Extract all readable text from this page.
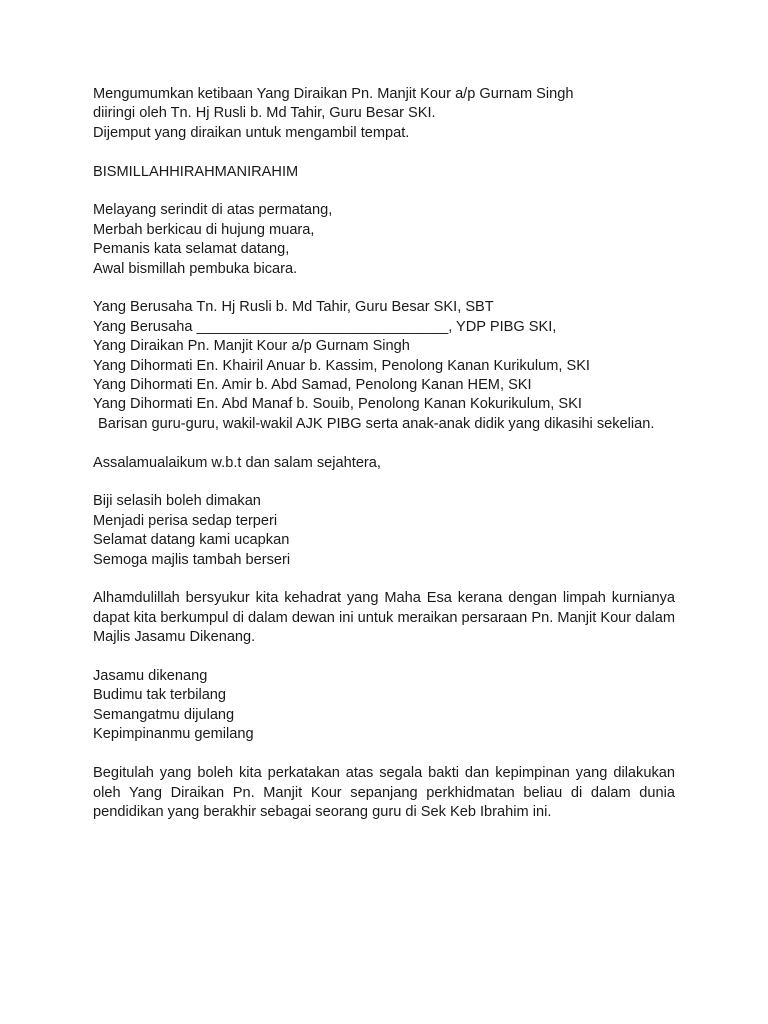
Mengumumkan ketibaan Yang Diraikan Pn. Manjit Kour a/p Gurnam Singh
diiringi oleh Tn. Hj Rusli b. Md Tahir, Guru Besar SKI.
Dijemput yang diraikan untuk mengambil tempat.
BISMILLAHHIRAHMANIRAHIM
Melayang serindit di atas permatang,
Merbah berkicau di hujung muara,
Pemanis kata selamat datang,
Awal bismillah pembuka bicara.
Yang Berusaha Tn. Hj Rusli b. Md Tahir, Guru Besar SKI, SBT
Yang Berusaha _______________________________, YDP PIBG SKI,
Yang Diraikan Pn. Manjit Kour a/p Gurnam Singh
Yang Dihormati En. Khairil Anuar b. Kassim, Penolong Kanan Kurikulum, SKI
Yang Dihormati En. Amir b. Abd Samad, Penolong Kanan HEM, SKI
Yang Dihormati En. Abd Manaf b. Souib, Penolong Kanan Kokurikulum, SKI
Barisan guru-guru, wakil-wakil AJK PIBG serta anak-anak didik yang dikasihi sekelian.
Assalamualaikum w.b.t dan salam sejahtera,
Biji selasih boleh dimakan
Menjadi perisa sedap terperi
Selamat datang kami ucapkan
Semoga majlis tambah berseri
Alhamdulillah bersyukur kita kehadrat yang Maha Esa kerana dengan limpah kurnianya dapat kita berkumpul di dalam dewan ini untuk meraikan persaraan Pn. Manjit Kour dalam Majlis Jasamu Dikenang.
Jasamu dikenang
Budimu tak terbilang
Semangatmu dijulang
Kepimpinanmu gemilang
Begitulah yang boleh kita perkatakan atas segala bakti dan kepimpinan yang dilakukan oleh Yang Diraikan Pn. Manjit Kour sepanjang perkhidmatan beliau di dalam dunia pendidikan yang berakhir sebagai seorang guru di Sek Keb Ibrahim ini.
